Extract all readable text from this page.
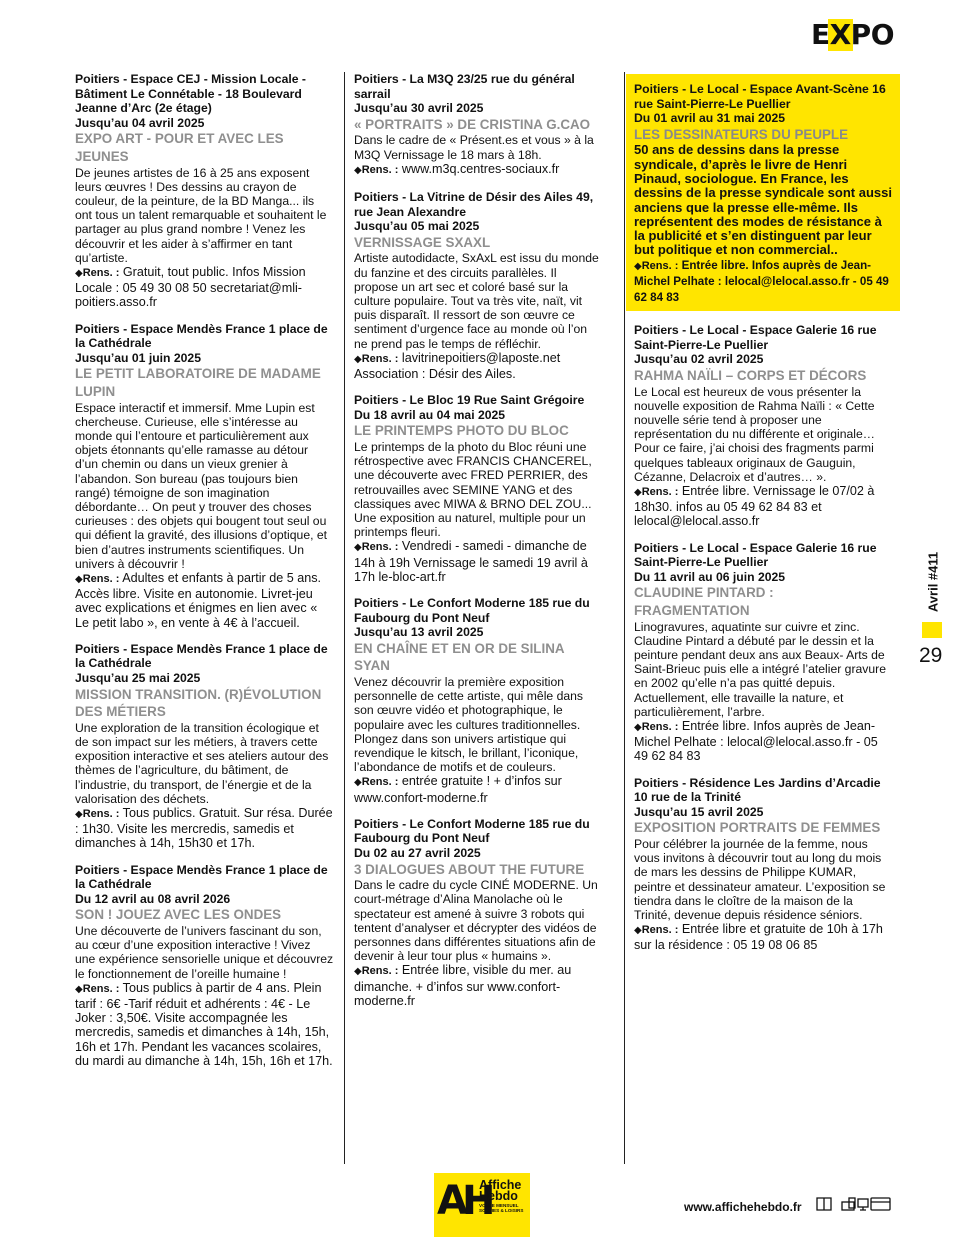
EXPO
Poitiers - Espace CEJ - Mission Locale - Bâtiment Le Connétable - 18 Boulevard Jeanne d’Arc (2e étage)
Jusqu’au 04 avril 2025
EXPO ART - POUR ET AVEC LES JEUNES
De jeunes artistes de 16 à 25 ans exposent leurs œuvres ! Des dessins au crayon de couleur, de la peinture, de la BD Manga... ils ont tous un talent remarquable et souhaitent le partager au plus grand nombre ! Venez les découvrir et les aider à s’affirmer en tant qu’artiste.
◆Rens. : Gratuit, tout public. Infos Mission Locale : 05 49 30 08 50 secretariat@mli-poitiers.asso.fr
Poitiers - Espace Mendès France 1 place de la Cathédrale
Jusqu’au 01 juin 2025
LE PETIT LABORATOIRE DE MADAME LUPIN
Espace interactif et immersif. Mme Lupin est chercheuse. Curieuse, elle s’intéresse au monde qui l’entoure et particulièrement aux objets étonnants qu’elle ramasse au détour d’un chemin ou dans un vieux grenier à l’abandon. Son bureau (pas toujours bien rangé) témoigne de son imagination débordante… On peut y trouver des choses curieuses : des objets qui bougent tout seul ou qui défient la gravité, des illusions d’optique, et bien d’autres instruments scientifiques. Un univers à découvrir !
◆Rens. : Adultes et enfants à partir de 5 ans. Accès libre. Visite en autonomie. Livret-jeu avec explications et énigmes en lien avec « Le petit labo », en vente à 4€ à l’accueil.
Poitiers - Espace Mendès France 1 place de la Cathédrale
Jusqu’au 25 mai 2025
MISSION TRANSITION. (R)ÉVOLUTION DES MÉTIERS
Une exploration de la transition écologique et de son impact sur les métiers, à travers cette exposition interactive et ses ateliers autour des thèmes de l’agriculture, du bâtiment, de l’industrie, du transport, de l’énergie et de la valorisation des déchets.
◆Rens. : Tous publics. Gratuit. Sur résa. Durée : 1h30. Visite les mercredis, samedis et dimanches à 14h, 15h30 et 17h.
Poitiers - Espace Mendès France 1 place de la Cathédrale
Du 12 avril au 08 avril 2026
SON ! JOUEZ AVEC LES ONDES
Une découverte de l’univers fascinant du son, au cœur d’une exposition interactive ! Vivez une expérience sensorielle unique et découvrez le fonctionnement de l’oreille humaine !
◆Rens. : Tous publics à partir de 4 ans. Plein tarif : 6€ -Tarif réduit et adhérents : 4€ - Le Joker : 3,50€. Visite accompagnée les mercredis, samedis et dimanches à 14h, 15h, 16h et 17h. Pendant les vacances scolaires, du mardi au dimanche à 14h, 15h, 16h et 17h.
Poitiers - La M3Q 23/25 rue du général sarrail
Jusqu’au 30 avril 2025
« PORTRAITS » DE CRISTINA G.CAO
Dans le cadre de « Présent.es et vous » à la M3Q Vernissage le 18 mars à 18h.
◆Rens. : www.m3q.centres-sociaux.fr
Poitiers - La Vitrine de Désir des Ailes 49, rue Jean Alexandre
Jusqu’au 05 mai 2025
VERNISSAGE SXAXL
Artiste autodidacte, SxAxL est issu du monde du fanzine et des circuits parallèles. Il propose un art sec et coloré basé sur la culture populaire. Tout va très vite, naït, vit puis disparaît. Il ressort de son œuvre ce sentiment d’urgence face au monde où l’on ne prend pas le temps de réfléchir.
◆Rens. : lavitrinepoitiers@laposte.net Association : Désir des Ailes.
Poitiers - Le Bloc 19 Rue Saint Grégoire
Du 18 avril au 04 mai 2025
LE PRINTEMPS PHOTO DU BLOC
Le printemps de la photo du Bloc réuni une rétrospective avec FRANCIS CHANCEREL, une découverte avec FRED PERRIER, des retrouvailles avec SEMINE YANG et des classiques avec MIWA & BRNO DEL ZOU... Une exposition au naturel, multiple pour un printemps fleuri.
◆Rens. : Vendredi - samedi - dimanche de 14h à 19h Vernissage le samedi 19 avril à 17h le-bloc-art.fr
Poitiers - Le Confort Moderne 185 rue du Faubourg du Pont Neuf
Jusqu’au 13 avril 2025
EN CHAÎNE ET EN OR DE SILINA SYAN
Venez découvrir la première exposition personnelle de cette artiste, qui mêle dans son œuvre vidéo et photographique, le populaire avec les cultures traditionnelles. Plongez dans son univers artistique qui revendique le kitsch, le brillant, l’iconique, l’abondance de motifs et de couleurs.
◆Rens. : entrée gratuite ! + d’infos sur www.confort-moderne.fr
Poitiers - Le Confort Moderne 185 rue du Faubourg du Pont Neuf
Du 02 au 27 avril 2025
3 DIALOGUES ABOUT THE FUTURE
Dans le cadre du cycle CINÉ MODERNE. Un court-métrage d’Alina Manolache où le spectateur est amené à suivre 3 robots qui tentent d’analyser et décrypter des vidéos de personnes dans différentes situations afin de devenir à leur tour plus « humains ».
◆Rens. : Entrée libre, visible du mer. au dimanche. + d’infos sur www.confort-moderne.fr
Poitiers - Le Local - Espace Avant-Scène 16 rue Saint-Pierre-Le Puellier
Du 01 avril au 31 mai 2025
LES DESSINATEURS DU PEUPLE
50 ans de dessins dans la presse syndicale, d’après le livre de Henri Pinaud, sociologue. En France, les dessins de la presse syndicale sont aussi anciens que la presse elle-même. Ils représentent des modes de résistance à la publicité et s’en distinguent par leur but politique et non commercial..
◆Rens. : Entrée libre. Infos auprès de Jean-Michel Pelhate : lelocal@lelocal.asso.fr - 05 49 62 84 83
Poitiers - Le Local - Espace Galerie 16 rue Saint-Pierre-Le Puellier
Jusqu’au 02 avril 2025
RAHMA NAÏLI – CORPS ET DÉCORS
Le Local est heureux de vous présenter la nouvelle exposition de Rahma Naïli : « Cette nouvelle série tend à proposer une représentation du nu différente et originale… Pour ce faire, j’ai choisi des fragments parmi quelques tableaux originaux de Gauguin, Cézanne, Delacroix et d’autres… ».
◆Rens. : Entrée libre. Vernissage le 07/02 à 18h30. infos au 05 49 62 84 83 et lelocal@lelocal.asso.fr
Poitiers - Le Local - Espace Galerie 16 rue Saint-Pierre-Le Puellier
Du 11 avril au 06 juin 2025
CLAUDINE PINTARD : FRAGMENTATION
Linogravures, aquatinte sur cuivre et zinc. Claudine Pintard a débuté par le dessin et la peinture pendant deux ans aux Beaux- Arts de Saint-Brieuc puis elle a intégré l’atelier gravure en 2002 qu’elle n’a pas quitté depuis. Actuellement, elle travaille la nature, et particulièrement, l’arbre.
◆Rens. : Entrée libre. Infos auprès de Jean-Michel Pelhate : lelocal@lelocal.asso.fr - 05 49 62 84 83
Poitiers - Résidence Les Jardins d’Arcadie 10 rue de la Trinité
Jusqu’au 15 avril 2025
EXPOSITION PORTRAITS DE FEMMES
Pour célébrer la journée de la femme, nous vous invitons à découvrir tout au long du mois de mars les dessins de Philippe KUMAR, peintre et dessinateur amateur. L’exposition se tiendra dans le cloître de la maison de la Trinité, devenue depuis résidence séniors.
◆Rens. : Entrée libre et gratuite de 10h à 17h sur la résidence : 05 19 08 06 85
Avril #411
29
AH
Affiche
Hebdo
VOTRE MENSUEL
SORTIES & LOISIRS	www.affichehebdo.fr
